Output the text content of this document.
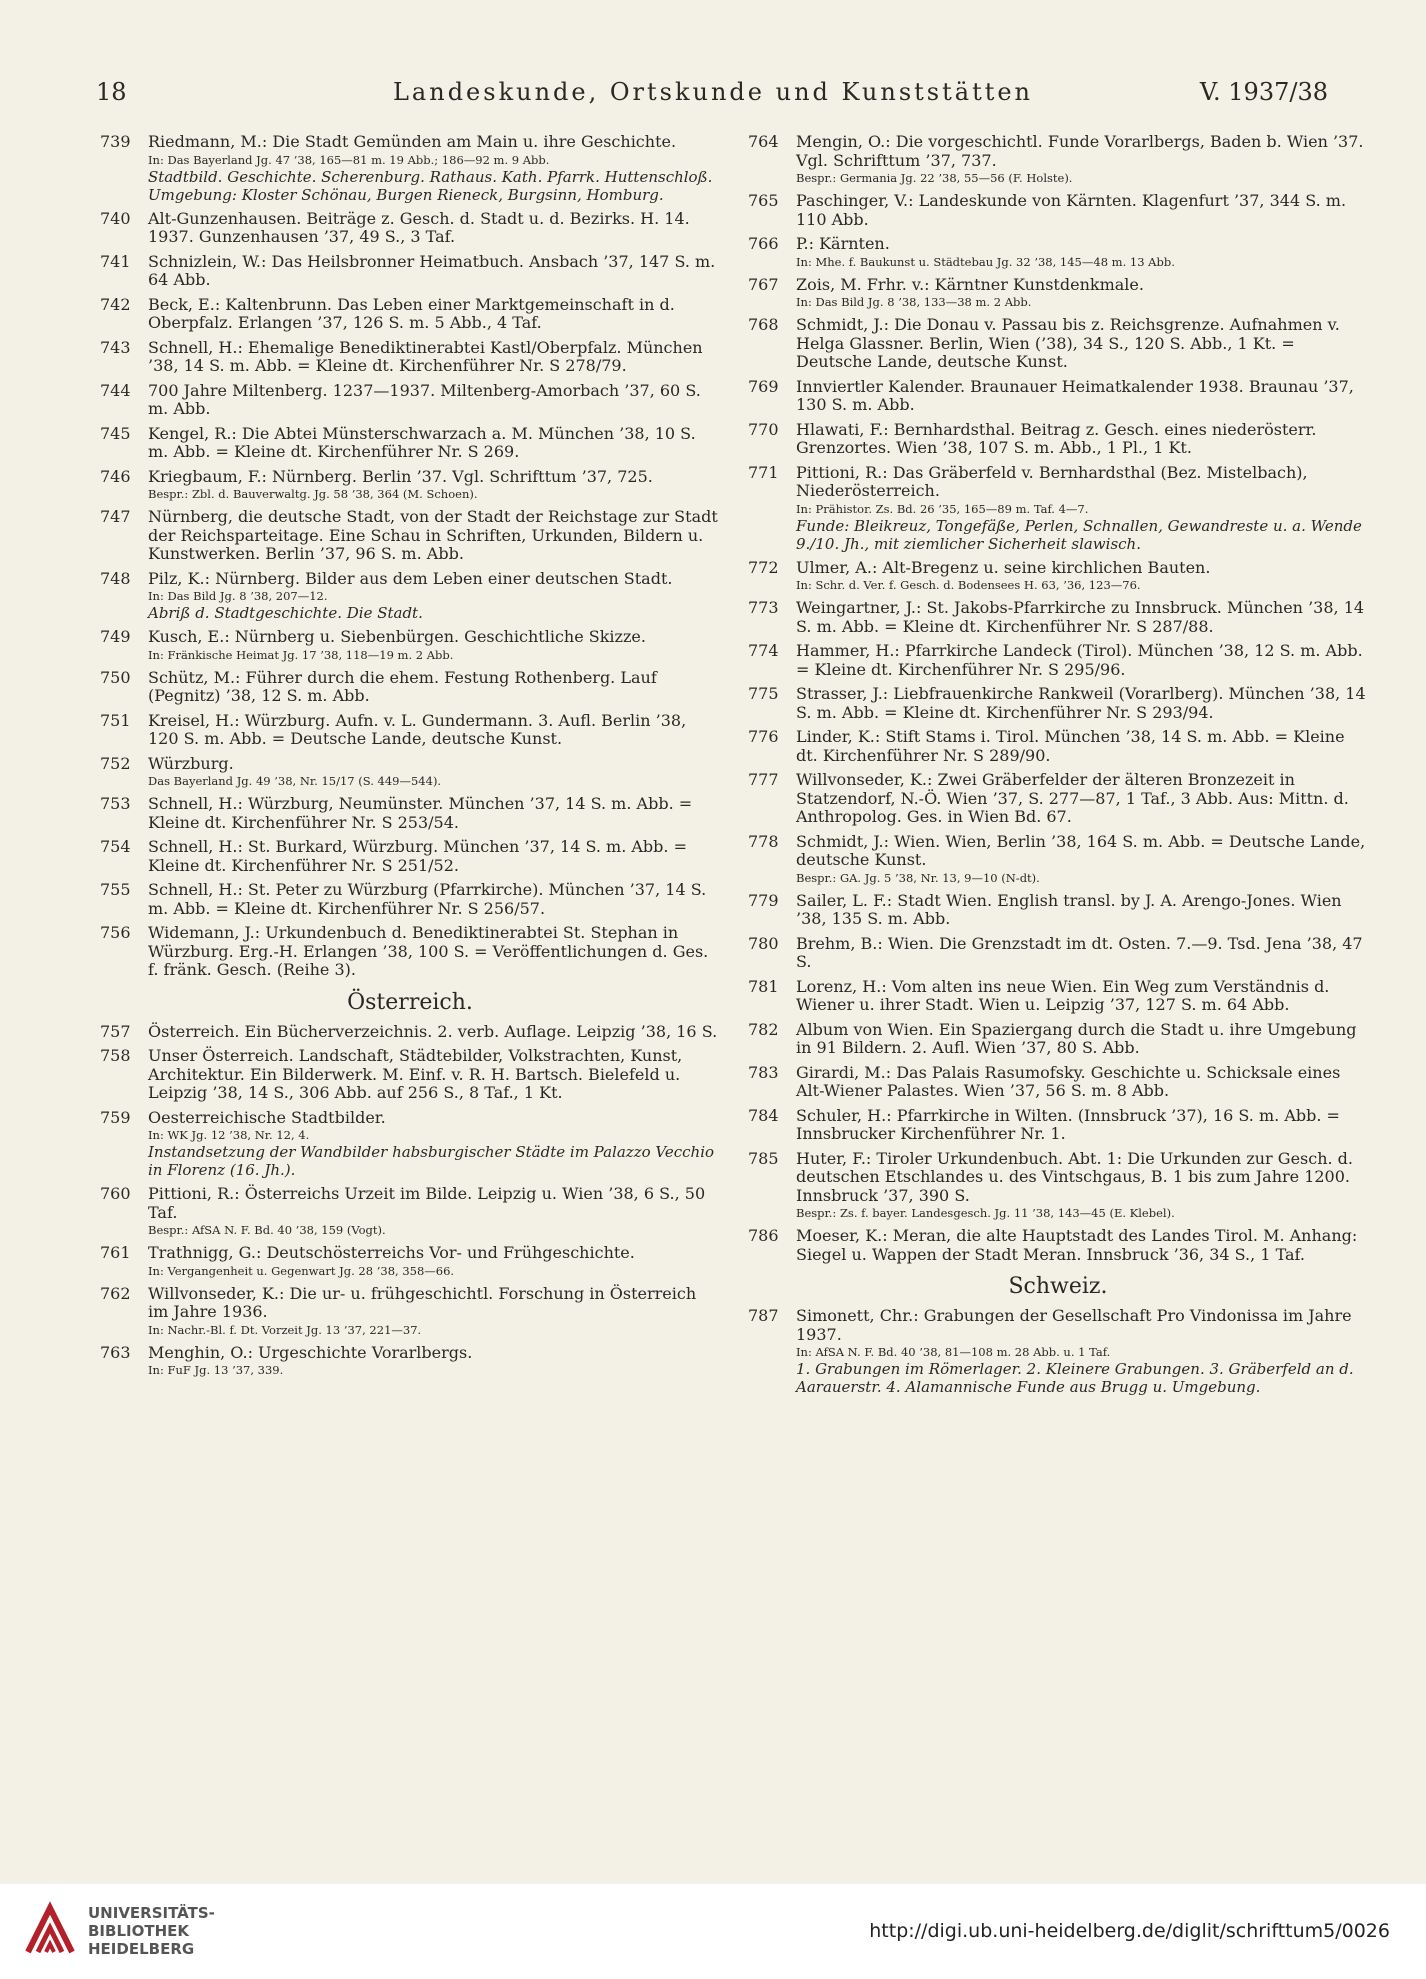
18	Landeskunde, Ortskunde und Kunststätten	V. 1937/38
739	Riedmann, M.: Die Stadt Gemünden am Main u. ihre Geschichte.
In: Das Bayerland Jg. 47 ’38, 165—81 m. 19 Abb.; 186—92 m. 9 Abb.
Stadtbild. Geschichte. Scherenburg. Rathaus. Kath. Pfarrk. Huttenschloß. Umgebung: Kloster Schönau, Burgen Rieneck, Burgsinn, Homburg.
740	Alt-Gunzenhausen. Beiträge z. Gesch. d. Stadt u. d. Bezirks. H. 14. 1937. Gunzenhausen ’37, 49 S., 3 Taf.
741	Schnizlein, W.: Das Heilsbronner Heimatbuch. Ansbach ’37, 147 S. m. 64 Abb.
742	Beck, E.: Kaltenbrunn. Das Leben einer Marktgemeinschaft in d. Oberpfalz. Erlangen ’37, 126 S. m. 5 Abb., 4 Taf.
743	Schnell, H.: Ehemalige Benediktinerabtei Kastl/Oberpfalz. München ’38, 14 S. m. Abb. = Kleine dt. Kirchenführer Nr. S 278/79.
744	700 Jahre Miltenberg. 1237—1937. Miltenberg-Amorbach ’37, 60 S. m. Abb.
745	Kengel, R.: Die Abtei Münsterschwarzach a. M. München ’38, 10 S. m. Abb. = Kleine dt. Kirchenführer Nr. S 269.
746	Kriegbaum, F.: Nürnberg. Berlin ’37. Vgl. Schrifttum ’37, 725.
Bespr.: Zbl. d. Bauverwaltg. Jg. 58 ’38, 364 (M. Schoen).
747	Nürnberg, die deutsche Stadt, von der Stadt der Reichstage zur Stadt der Reichsparteitage. Eine Schau in Schriften, Urkunden, Bildern u. Kunstwerken. Berlin ’37, 96 S. m. Abb.
748	Pilz, K.: Nürnberg. Bilder aus dem Leben einer deutschen Stadt.
In: Das Bild Jg. 8 ’38, 207—12.
Abriß d. Stadtgeschichte. Die Stadt.
749	Kusch, E.: Nürnberg u. Siebenbürgen. Geschichtliche Skizze.
In: Fränkische Heimat Jg. 17 ’38, 118—19 m. 2 Abb.
750	Schütz, M.: Führer durch die ehem. Festung Rothenberg. Lauf (Pegnitz) ’38, 12 S. m. Abb.
751	Kreisel, H.: Würzburg. Aufn. v. L. Gundermann. 3. Aufl. Berlin ’38, 120 S. m. Abb. = Deutsche Lande, deutsche Kunst.
752	Würzburg.
Das Bayerland Jg. 49 ’38, Nr. 15/17 (S. 449—544).
753	Schnell, H.: Würzburg, Neumünster. München ’37, 14 S. m. Abb. = Kleine dt. Kirchenführer Nr. S 253/54.
754	Schnell, H.: St. Burkard, Würzburg. München ’37, 14 S. m. Abb. = Kleine dt. Kirchenführer Nr. S 251/52.
755	Schnell, H.: St. Peter zu Würzburg (Pfarrkirche). München ’37, 14 S. m. Abb. = Kleine dt. Kirchenführer Nr. S 256/57.
756	Widemann, J.: Urkundenbuch d. Benediktinerabtei St. Stephan in Würzburg. Erg.-H. Erlangen ’38, 100 S. = Veröffentlichungen d. Ges. f. fränk. Gesch. (Reihe 3).
Österreich.
757	Österreich. Ein Bücherverzeichnis. 2. verb. Auflage. Leipzig ’38, 16 S.
758	Unser Österreich. Landschaft, Städtebilder, Volkstrachten, Kunst, Architektur. Ein Bilderwerk. M. Einf. v. R. H. Bartsch. Bielefeld u. Leipzig ’38, 14 S., 306 Abb. auf 256 S., 8 Taf., 1 Kt.
759	Oesterreichische Stadtbilder.
In: WK Jg. 12 ’38, Nr. 12, 4.
Instandsetzung der Wandbilder habsburgischer Städte im Palazzo Vecchio in Florenz (16. Jh.).
760	Pittioni, R.: Österreichs Urzeit im Bilde. Leipzig u. Wien ’38, 6 S., 50 Taf.
Bespr.: AfSA N. F. Bd. 40 ’38, 159 (Vogt).
761	Trathnigg, G.: Deutschösterreichs Vor- und Frühgeschichte.
In: Vergangenheit u. Gegenwart Jg. 28 ’38, 358—66.
762	Willvonseder, K.: Die ur- u. frühgeschichtl. Forschung in Österreich im Jahre 1936.
In: Nachr.-Bl. f. Dt. Vorzeit Jg. 13 ’37, 221—37.
763	Menghin, O.: Urgeschichte Vorarlbergs.
In: FuF Jg. 13 ’37, 339.
764	Mengin, O.: Die vorgeschichtl. Funde Vorarlbergs, Baden b. Wien ’37. Vgl. Schrifttum ’37, 737.
Bespr.: Germania Jg. 22 ’38, 55—56 (F. Holste).
765	Paschinger, V.: Landeskunde von Kärnten. Klagenfurt ’37, 344 S. m. 110 Abb.
766	P.: Kärnten.
In: Mhe. f. Baukunst u. Städtebau Jg. 32 ’38, 145—48 m. 13 Abb.
767	Zois, M. Frhr. v.: Kärntner Kunstdenkmale.
In: Das Bild Jg. 8 ’38, 133—38 m. 2 Abb.
768	Schmidt, J.: Die Donau v. Passau bis z. Reichsgrenze. Aufnahmen v. Helga Glassner. Berlin, Wien (’38), 34 S., 120 S. Abb., 1 Kt. = Deutsche Lande, deutsche Kunst.
769	Innviertler Kalender. Braunauer Heimatkalender 1938. Braunau ’37, 130 S. m. Abb.
770	Hlawati, F.: Bernhardsthal. Beitrag z. Gesch. eines niederösterr. Grenzortes. Wien ’38, 107 S. m. Abb., 1 Pl., 1 Kt.
771	Pittioni, R.: Das Gräberfeld v. Bernhardsthal (Bez. Mistelbach), Niederösterreich.
In: Prähistor. Zs. Bd. 26 ’35, 165—89 m. Taf. 4—7.
Funde: Bleikreuz, Tongefäße, Perlen, Schnallen, Gewandreste u. a. Wende 9./10. Jh., mit ziemlicher Sicherheit slawisch.
772	Ulmer, A.: Alt-Bregenz u. seine kirchlichen Bauten.
In: Schr. d. Ver. f. Gesch. d. Bodensees H. 63, ’36, 123—76.
773	Weingartner, J.: St. Jakobs-Pfarrkirche zu Innsbruck. München ’38, 14 S. m. Abb. = Kleine dt. Kirchenführer Nr. S 287/88.
774	Hammer, H.: Pfarrkirche Landeck (Tirol). München ’38, 12 S. m. Abb. = Kleine dt. Kirchenführer Nr. S 295/96.
775	Strasser, J.: Liebfrauenkirche Rankweil (Vorarlberg). München ’38, 14 S. m. Abb. = Kleine dt. Kirchenführer Nr. S 293/94.
776	Linder, K.: Stift Stams i. Tirol. München ’38, 14 S. m. Abb. = Kleine dt. Kirchenführer Nr. S 289/90.
777	Willvonseder, K.: Zwei Gräberfelder der älteren Bronzezeit in Statzendorf, N.-Ö. Wien ’37, S. 277—87, 1 Taf., 3 Abb. Aus: Mittn. d. Anthropolog. Ges. in Wien Bd. 67.
778	Schmidt, J.: Wien. Wien, Berlin ’38, 164 S. m. Abb. = Deutsche Lande, deutsche Kunst.
Bespr.: GA. Jg. 5 ’38, Nr. 13, 9—10 (N-dt).
779	Sailer, L. F.: Stadt Wien. English transl. by J. A. Arengo-Jones. Wien ’38, 135 S. m. Abb.
780	Brehm, B.: Wien. Die Grenzstadt im dt. Osten. 7.—9. Tsd. Jena ’38, 47 S.
781	Lorenz, H.: Vom alten ins neue Wien. Ein Weg zum Verständnis d. Wiener u. ihrer Stadt. Wien u. Leipzig ’37, 127 S. m. 64 Abb.
782	Album von Wien. Ein Spaziergang durch die Stadt u. ihre Umgebung in 91 Bildern. 2. Aufl. Wien ’37, 80 S. Abb.
783	Girardi, M.: Das Palais Rasumofsky. Geschichte u. Schicksale eines Alt-Wiener Palastes. Wien ’37, 56 S. m. 8 Abb.
784	Schuler, H.: Pfarrkirche in Wilten. (Innsbruck ’37), 16 S. m. Abb. = Innsbrucker Kirchenführer Nr. 1.
785	Huter, F.: Tiroler Urkundenbuch. Abt. 1: Die Urkunden zur Gesch. d. deutschen Etschlandes u. des Vintschgaus, B. 1 bis zum Jahre 1200. Innsbruck ’37, 390 S.
Bespr.: Zs. f. bayer. Landesgesch. Jg. 11 ’38, 143—45 (E. Klebel).
786	Moeser, K.: Meran, die alte Hauptstadt des Landes Tirol. M. Anhang: Siegel u. Wappen der Stadt Meran. Innsbruck ’36, 34 S., 1 Taf.
Schweiz.
787	Simonett, Chr.: Grabungen der Gesellschaft Pro Vindonissa im Jahre 1937.
In: AfSA N. F. Bd. 40 ’38, 81—108 m. 28 Abb. u. 1 Taf.
1. Grabungen im Römerlager. 2. Kleinere Grabungen. 3. Gräberfeld an d. Aarauerstr. 4. Alamannische Funde aus Brugg u. Umgebung.
UNIVERSITÄTS-
BIBLIOTHEK
HEIDELBERG
http://digi.ub.uni-heidelberg.de/diglit/schrifttum5/0026
